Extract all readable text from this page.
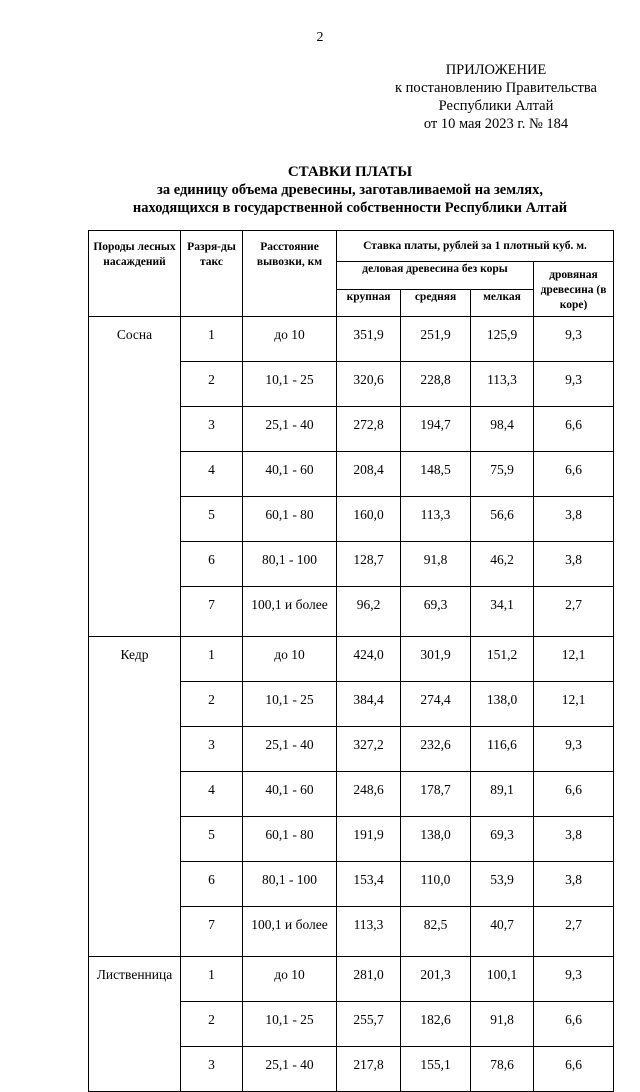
2
ПРИЛОЖЕНИЕ
к постановлению Правительства
Республики Алтай
от 10 мая 2023 г. № 184
СТАВКИ ПЛАТЫ
за единицу объема древесины, заготавливаемой на землях,
находящихся в государственной собственности Республики Алтай
Породы лесных насаждений	Разря-ды такс	Расстояние вывозки, км	Ставка платы, рублей за 1 плотный куб. м.			
			деловая древесина без коры			дровяная древесина (в коре)
			крупная	средняя	мелкая	
Сосна	1	до 10	351,9	251,9	125,9	9,3
	2	10,1 - 25	320,6	228,8	113,3	9,3
	3	25,1 - 40	272,8	194,7	98,4	6,6
	4	40,1 - 60	208,4	148,5	75,9	6,6
	5	60,1 - 80	160,0	113,3	56,6	3,8
	6	80,1 - 100	128,7	91,8	46,2	3,8
	7	100,1 и более	96,2	69,3	34,1	2,7
Кедр	1	до 10	424,0	301,9	151,2	12,1
	2	10,1 - 25	384,4	274,4	138,0	12,1
	3	25,1 - 40	327,2	232,6	116,6	9,3
	4	40,1 - 60	248,6	178,7	89,1	6,6
	5	60,1 - 80	191,9	138,0	69,3	3,8
	6	80,1 - 100	153,4	110,0	53,9	3,8
	7	100,1 и более	113,3	82,5	40,7	2,7
Лиственница	1	до 10	281,0	201,3	100,1	9,3
	2	10,1 - 25	255,7	182,6	91,8	6,6
	3	25,1 - 40	217,8	155,1	78,6	6,6
